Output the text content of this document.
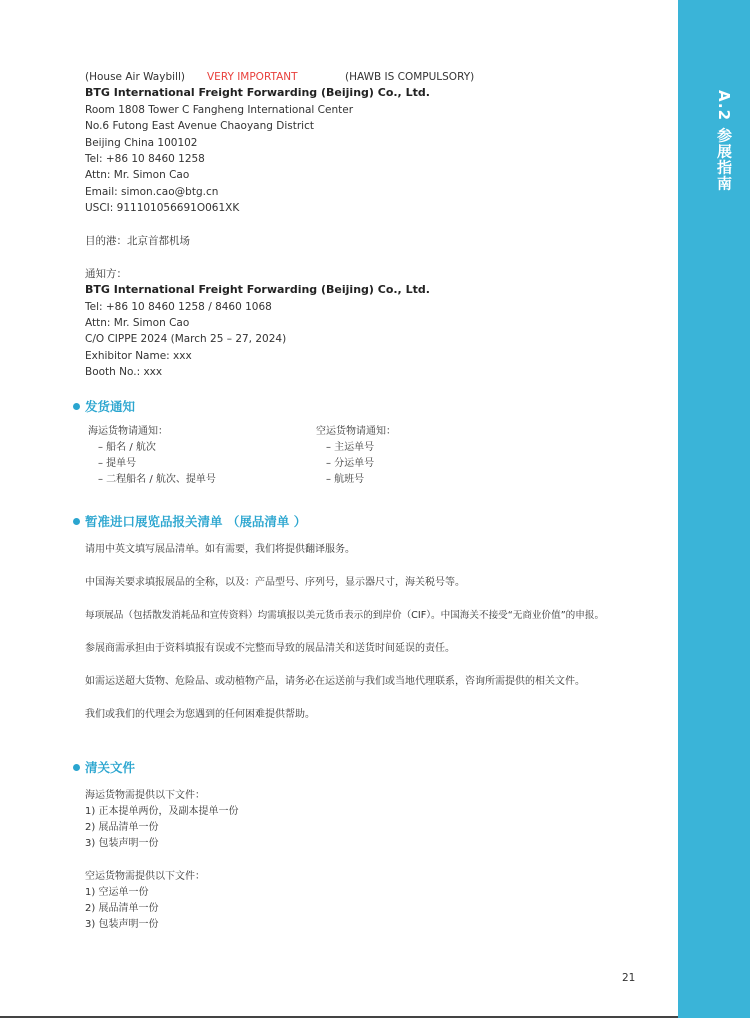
A.2 参展指南
(House Air Waybill) VERY IMPORTANT	(HAWB IS COMPULSORY)
BTG International Freight Forwarding (Beijing) Co., Ltd.
Room 1808 Tower C Fangheng International Center
No.6 Futong East Avenue Chaoyang District
Beijing China 100102
Tel: +86 10 8460 1258
Attn: Mr. Simon Cao
Email: simon.cao@btg.cn
USCI: 911101056691O061XK
目的港：北京首都机场
通知方：
BTG International Freight Forwarding (Beijing) Co., Ltd.
Tel: +86 10 8460 1258 / 8460 1068
Attn: Mr. Simon Cao
C/O CIPPE 2024 (March 25 – 27, 2024)
Exhibitor Name: xxx
Booth No.: xxx
发货通知
海运货物请通知：
– 船名 / 航次
– 提单号
– 二程船名 / 航次、提单号
空运货物请通知：
– 主运单号
– 分运单号
– 航班号
暂准进口展览品报关清单 （展品清单 ）
请用中英文填写展品清单。如有需要，我们将提供翻译服务。
中国海关要求填报展品的全称，以及：产品型号、序列号，显示器尺寸，海关税号等。
每项展品（包括散发消耗品和宣传资料）均需填报以美元货币表示的到岸价（CIF）。中国海关不接受“无商业价值”的申报。
参展商需承担由于资料填报有误或不完整而导致的展品清关和送货时间延误的责任。
如需运送超大货物、危险品、或动植物产品，请务必在运送前与我们或当地代理联系，咨询所需提供的相关文件。
我们或我们的代理会为您遇到的任何困难提供帮助。
清关文件
海运货物需提供以下文件：
1) 正本提单两份，及副本提单一份
2) 展品清单一份
3) 包装声明一份
空运货物需提供以下文件：
1) 空运单一份
2) 展品清单一份
3) 包装声明一份
21
